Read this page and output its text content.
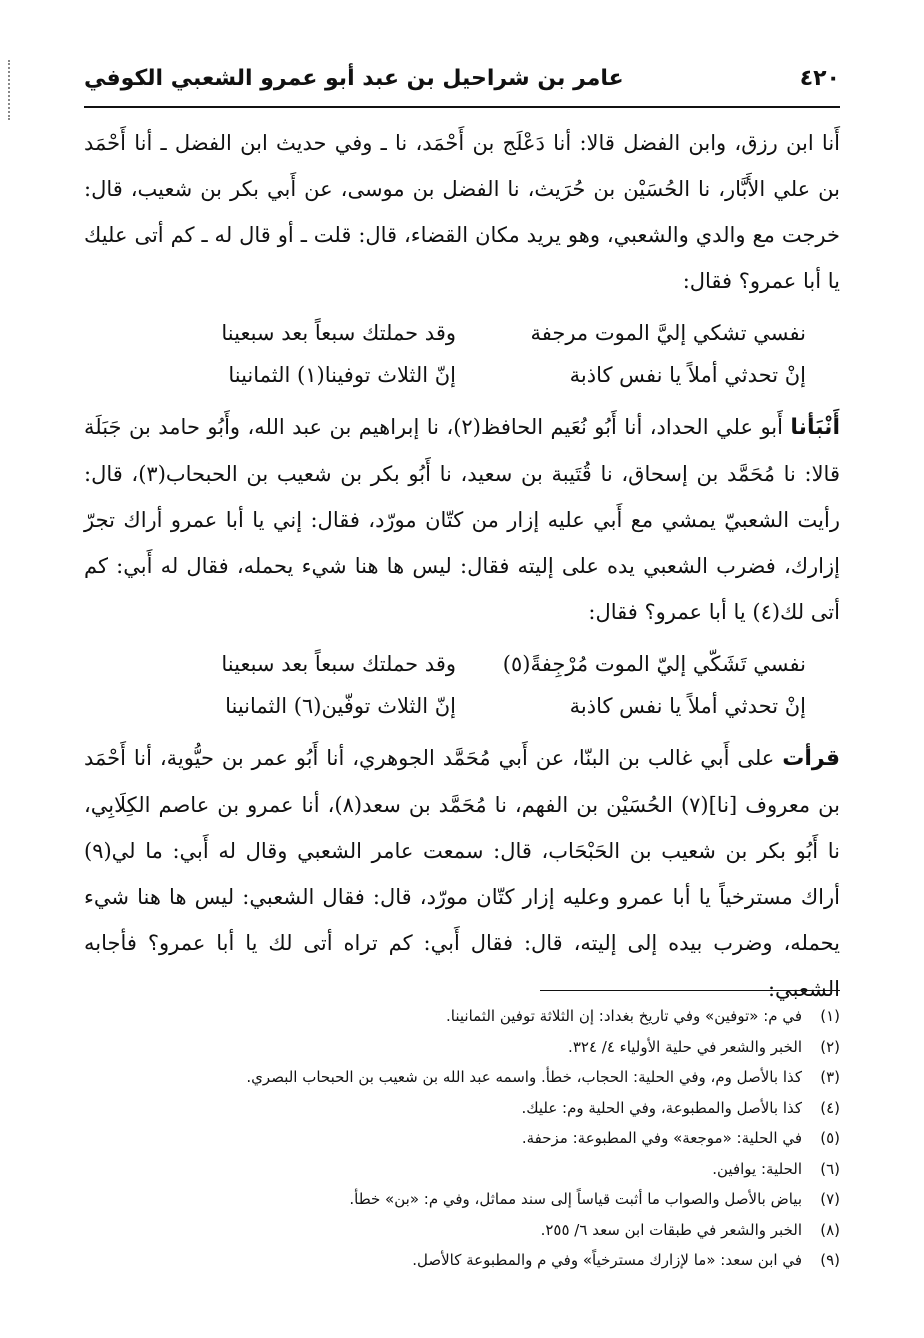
٤٢٠
عامر بن شراحيل بن عبد أبو عمرو الشعبي الكوفي

أَنا ابن رزق، وابن الفضل قالا: أنا دَعْلَج بن أَحْمَد، نا ـ وفي حديث ابن الفضل ـ أنا أَحْمَد بن علي الأَبَّار، نا الحُسَيْن بن حُرَيث، نا الفضل بن موسى، عن أَبي بكر بن شعيب، قال: خرجت مع والدي والشعبي، وهو يريد مكان القضاء، قال: قلت ـ أو قال له ـ كم أتى عليك يا أبا عمرو؟ فقال:

نفسي تشكي إليَّ الموت مرجفة
وقد حملتك سبعاً بعد سبعينا
إنْ تحدثي أملاً يا نفس كاذبة
إنّ الثلاث توفينا(١) الثمانينا

أَنْبَأنا أَبو علي الحداد، أنا أَبُو نُعَيم الحافظ(٢)، نا إبراهيم بن عبد الله، وأَبُو حامد بن جَبَلَة قالا: نا مُحَمَّد بن إسحاق، نا قُتَيبة بن سعيد، نا أَبُو بكر بن شعيب بن الحبحاب(٣)، قال: رأيت الشعبيّ يمشي مع أَبي عليه إزار من كتّان مورّد، فقال: إني يا أبا عمرو أراك تجرّ إزارك، فضرب الشعبي يده على إليته فقال: ليس ها هنا شيء يحمله، فقال له أَبي: كم أتى لك(٤) يا أبا عمرو؟ فقال:

نفسي تَشَكّي إليّ الموت مُرْجِفةً(٥)
وقد حملتك سبعاً بعد سبعينا
إنْ تحدثي أملاً يا نفس كاذبة
إنّ الثلاث توفّين(٦) الثمانينا

قرأت على أَبي غالب بن البنّا، عن أَبي مُحَمَّد الجوهري، أنا أَبُو عمر بن حيُّوية، أنا أَحْمَد بن معروف [نا](٧) الحُسَيْن بن الفهم، نا مُحَمَّد بن سعد(٨)، أنا عمرو بن عاصم الكِلَابِي، نا أَبُو بكر بن شعيب بن الحَبْحَاب، قال: سمعت عامر الشعبي وقال له أَبي: ما لي(٩) أراك مسترخياً يا أبا عمرو وعليه إزار كتّان مورّد، قال: فقال الشعبي: ليس ها هنا شيء يحمله، وضرب بيده إلى إليته، قال: فقال أَبي: كم تراه أتى لك يا أبا عمرو؟ فأجابه الشعبي:

(١)
في م: «توفين» وفي تاريخ بغداد: إن الثلاثة توفين الثمانينا.
(٢)
الخبر والشعر في حلية الأولياء ٤/ ٣٢٤.
(٣)
كذا بالأصل وم، وفي الحلية: الحجاب، خطأ. واسمه عبد الله بن شعيب بن الحبحاب البصري.
(٤)
كذا بالأصل والمطبوعة، وفي الحلية وم: عليك.
(٥)
في الحلية: «موجعة» وفي المطبوعة: مزحفة.
(٦)
الحلية: يوافين.
(٧)
بياض بالأصل والصواب ما أثبت قياساً إلى سند مماثل، وفي م: «بن» خطأ.
(٨)
الخبر والشعر في طبقات ابن سعد ٦/ ٢٥٥.
(٩)
في ابن سعد: «ما لإزارك مسترخياً» وفي م والمطبوعة كالأصل.
